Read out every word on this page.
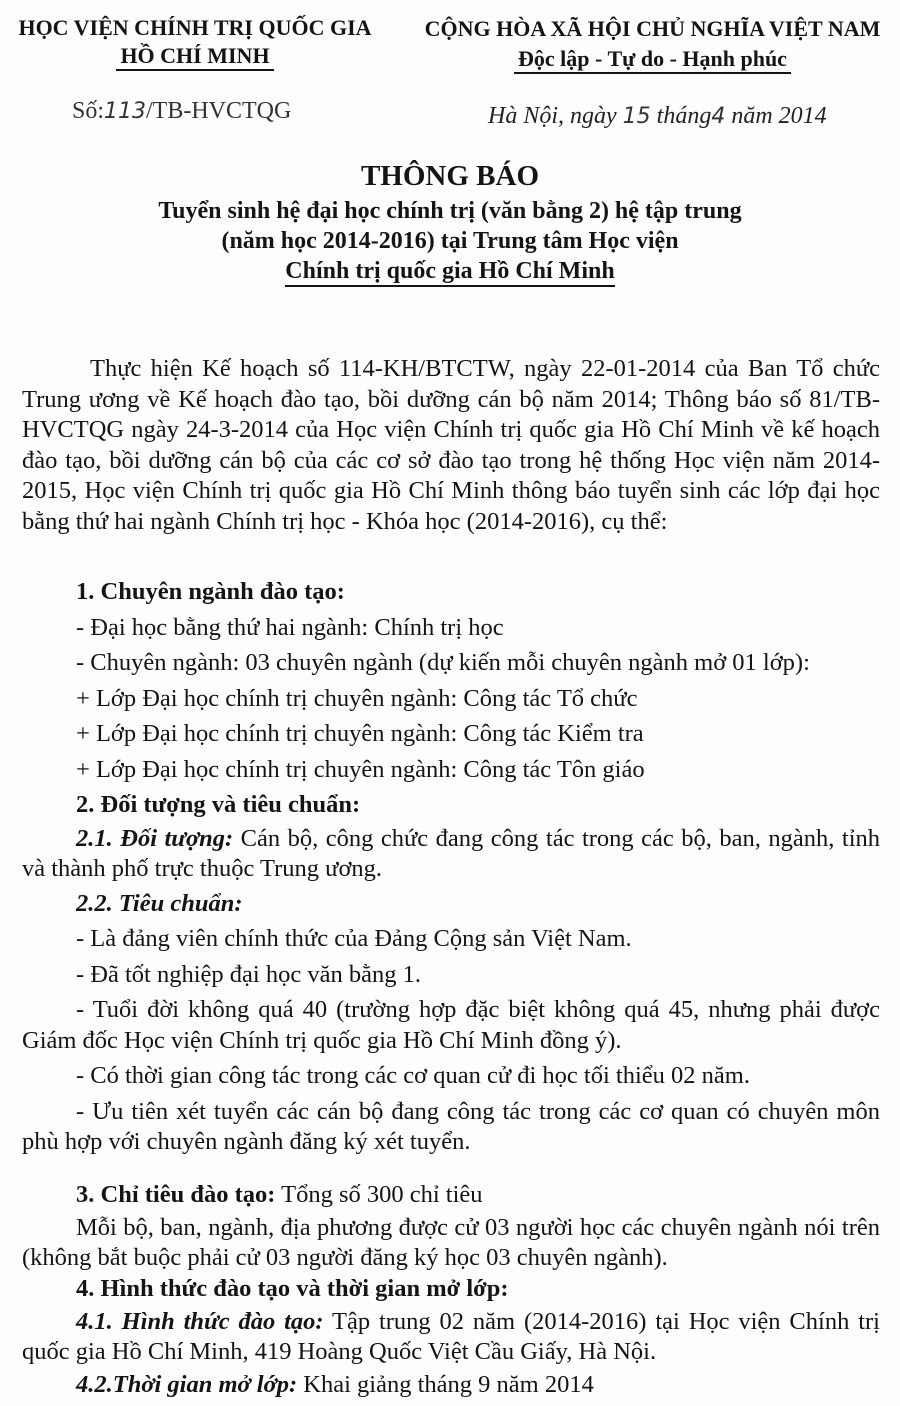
HỌC VIỆN CHÍNH TRỊ QUỐC GIA
HỒ CHÍ MINH
CỘNG HÒA XÃ HỘI CHỦ NGHĨA VIỆT NAM
Độc lập - Tự do - Hạnh phúc
Số:113/TB-HVCTQG	Hà Nội, ngày 15 tháng4 năm 2014
THÔNG BÁO
Tuyển sinh hệ đại học chính trị (văn bằng 2) hệ tập trung
(năm học 2014-2016) tại Trung tâm Học viện
Chính trị quốc gia Hồ Chí Minh
Thực hiện Kế hoạch số 114-KH/BTCTW, ngày 22-01-2014 của Ban Tổ chức Trung ương về Kế hoạch đào tạo, bồi dưỡng cán bộ năm 2014; Thông báo số 81/TB-HVCTQG ngày 24-3-2014 của Học viện Chính trị quốc gia Hồ Chí Minh về kế hoạch đào tạo, bồi dưỡng cán bộ của các cơ sở đào tạo trong hệ thống Học viện năm 2014-2015, Học viện Chính trị quốc gia Hồ Chí Minh thông báo tuyển sinh các lớp đại học bằng thứ hai ngành Chính trị học - Khóa học (2014-2016), cụ thể:
1. Chuyên ngành đào tạo:
- Đại học bằng thứ hai ngành: Chính trị học
- Chuyên ngành: 03 chuyên ngành (dự kiến mỗi chuyên ngành mở 01 lớp):
+ Lớp Đại học chính trị chuyên ngành: Công tác Tổ chức
+ Lớp Đại học chính trị chuyên ngành: Công tác Kiểm tra
+ Lớp Đại học chính trị chuyên ngành: Công tác Tôn giáo
2. Đối tượng và tiêu chuẩn:
2.1. Đối tượng: Cán bộ, công chức đang công tác trong các bộ, ban, ngành, tỉnh và thành phố trực thuộc Trung ương.
2.2. Tiêu chuẩn:
- Là đảng viên chính thức của Đảng Cộng sản Việt Nam.
- Đã tốt nghiệp đại học văn bằng 1.
- Tuổi đời không quá 40 (trường hợp đặc biệt không quá 45, nhưng phải được Giám đốc Học viện Chính trị quốc gia Hồ Chí Minh đồng ý).
- Có thời gian công tác trong các cơ quan cử đi học tối thiểu 02 năm.
- Ưu tiên xét tuyển các cán bộ đang công tác trong các cơ quan có chuyên môn phù hợp với chuyên ngành đăng ký xét tuyển.
3. Chỉ tiêu đào tạo: Tổng số 300 chỉ tiêu
Mỗi bộ, ban, ngành, địa phương được cử 03 người học các chuyên ngành nói trên (không bắt buộc phải cử 03 người đăng ký học 03 chuyên ngành).
4. Hình thức đào tạo và thời gian mở lớp:
4.1. Hình thức đào tạo: Tập trung 02 năm (2014-2016) tại Học viện Chính trị quốc gia Hồ Chí Minh, 419 Hoàng Quốc Việt Cầu Giấy, Hà Nội.
4.2.Thời gian mở lớp: Khai giảng tháng 9 năm 2014
